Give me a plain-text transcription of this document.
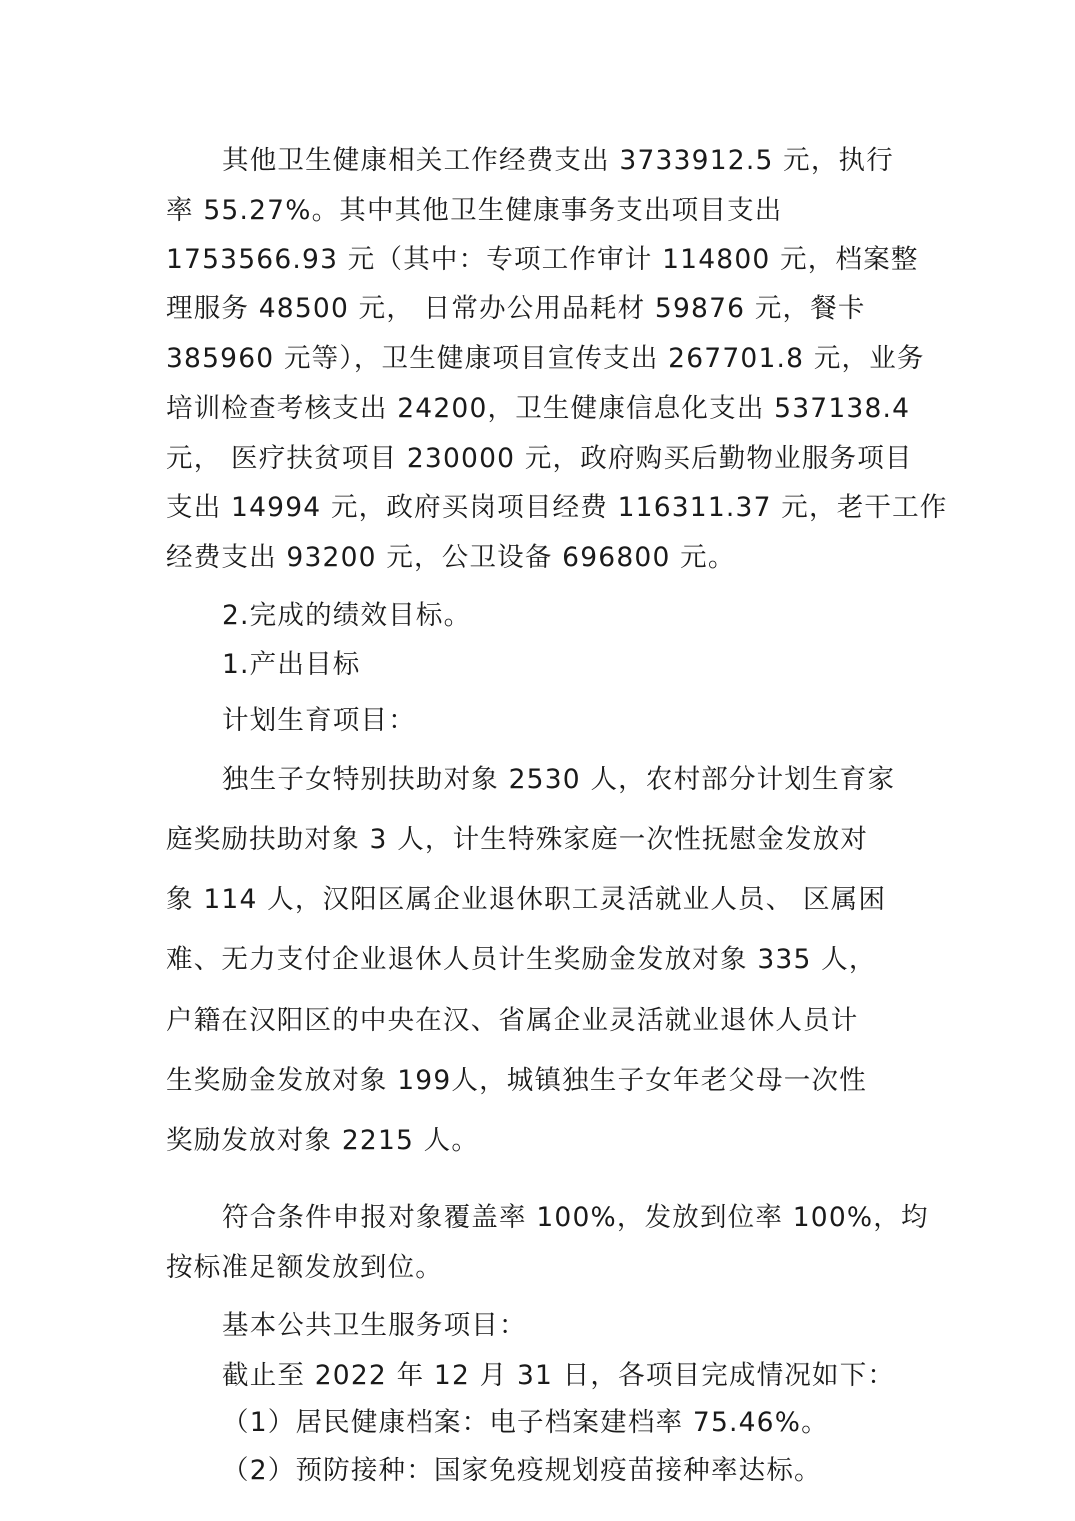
其他卫生健康相关工作经费支出 3733912.5 元，执行
率 55.27%。其中其他卫生健康事务支出项目支出
1753566.93 元（其中：专项工作审计 114800 元，档案整
理服务 48500 元， 日常办公用品耗材 59876 元，餐卡
385960 元等），卫生健康项目宣传支出 267701.8 元，业务
培训检查考核支出 24200，卫生健康信息化支出 537138.4
元， 医疗扶贫项目 230000 元，政府购买后勤物业服务项目
支出 14994 元，政府买岗项目经费 116311.37 元，老干工作
经费支出 93200 元，公卫设备 696800 元。
2.完成的绩效目标。
1.产出目标
计划生育项目：
独生子女特别扶助对象 2530 人，农村部分计划生育家
庭奖励扶助对象 3 人，计生特殊家庭一次性抚慰金发放对
象 114 人，汉阳区属企业退休职工灵活就业人员、 区属困
难、无力支付企业退休人员计生奖励金发放对象 335 人，
户籍在汉阳区的中央在汉、省属企业灵活就业退休人员计
生奖励金发放对象 199人，城镇独生子女年老父母一次性
奖励发放对象 2215 人。
符合条件申报对象覆盖率 100%，发放到位率 100%，均
按标准足额发放到位。
基本公共卫生服务项目：
截止至 2022 年 12 月 31 日，各项目完成情况如下：
（1）居民健康档案：电子档案建档率 75.46%。
（2）预防接种：国家免疫规划疫苗接种率达标。
